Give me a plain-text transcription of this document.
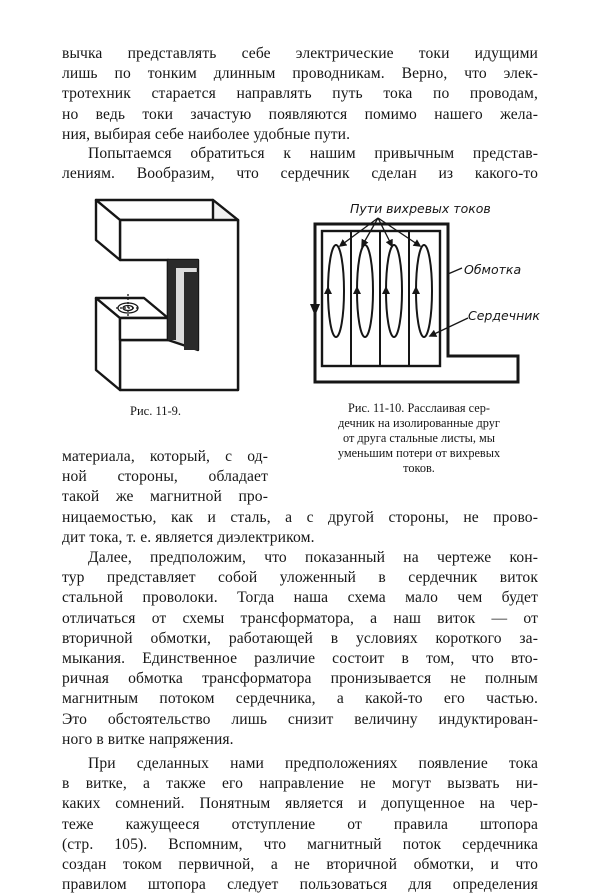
вычка представлять себе электрические токи идущими
лишь по тонким длинным проводникам. Верно, что элек-
тротехник старается направлять путь тока по проводам,
но ведь токи зачастую появляются помимо нашего жела-
ния, выбирая себе наиболее удобные пути.
Попытаемся обратиться к нашим привычным представ-
лениям. Вообразим, что сердечник сделан из какого-то
Рис. 11-9.
Пути вихревых токов
Обмотка
Сердечник
Рис. 11-10. Расслаивая сер-
дечник на изолированные друг
от друга стальные листы, мы
уменьшим потери от вихревых
токов.
материала, который, с од-
ной стороны, обладает
такой же магнитной про-
ницаемостью, как и сталь, а с другой стороны, не прово-
дит тока, т. е. является диэлектриком.
Далее, предположим, что показанный на чертеже кон-
тур представляет собой уложенный в сердечник виток
стальной проволоки. Тогда наша схема мало чем будет
отличаться от схемы трансформатора, а наш виток — от
вторичной обмотки, работающей в условиях короткого за-
мыкания. Единственное различие состоит в том, что вто-
ричная обмотка трансформатора пронизывается не полным
магнитным потоком сердечника, а какой-то его частью.
Это обстоятельство лишь снизит величину индуктирован-
ного в витке напряжения.
При сделанных нами предположениях появление тока
в витке, а также его направление не могут вызвать ни-
каких сомнений. Понятным является и допущенное на чер-
теже кажущееся отступление от правила штопора
(стр. 105). Вспомним, что магнитный поток сердечника
создан током первичной, а не вторичной обмотки, и что
правилом штопора следует пользоваться для определения
